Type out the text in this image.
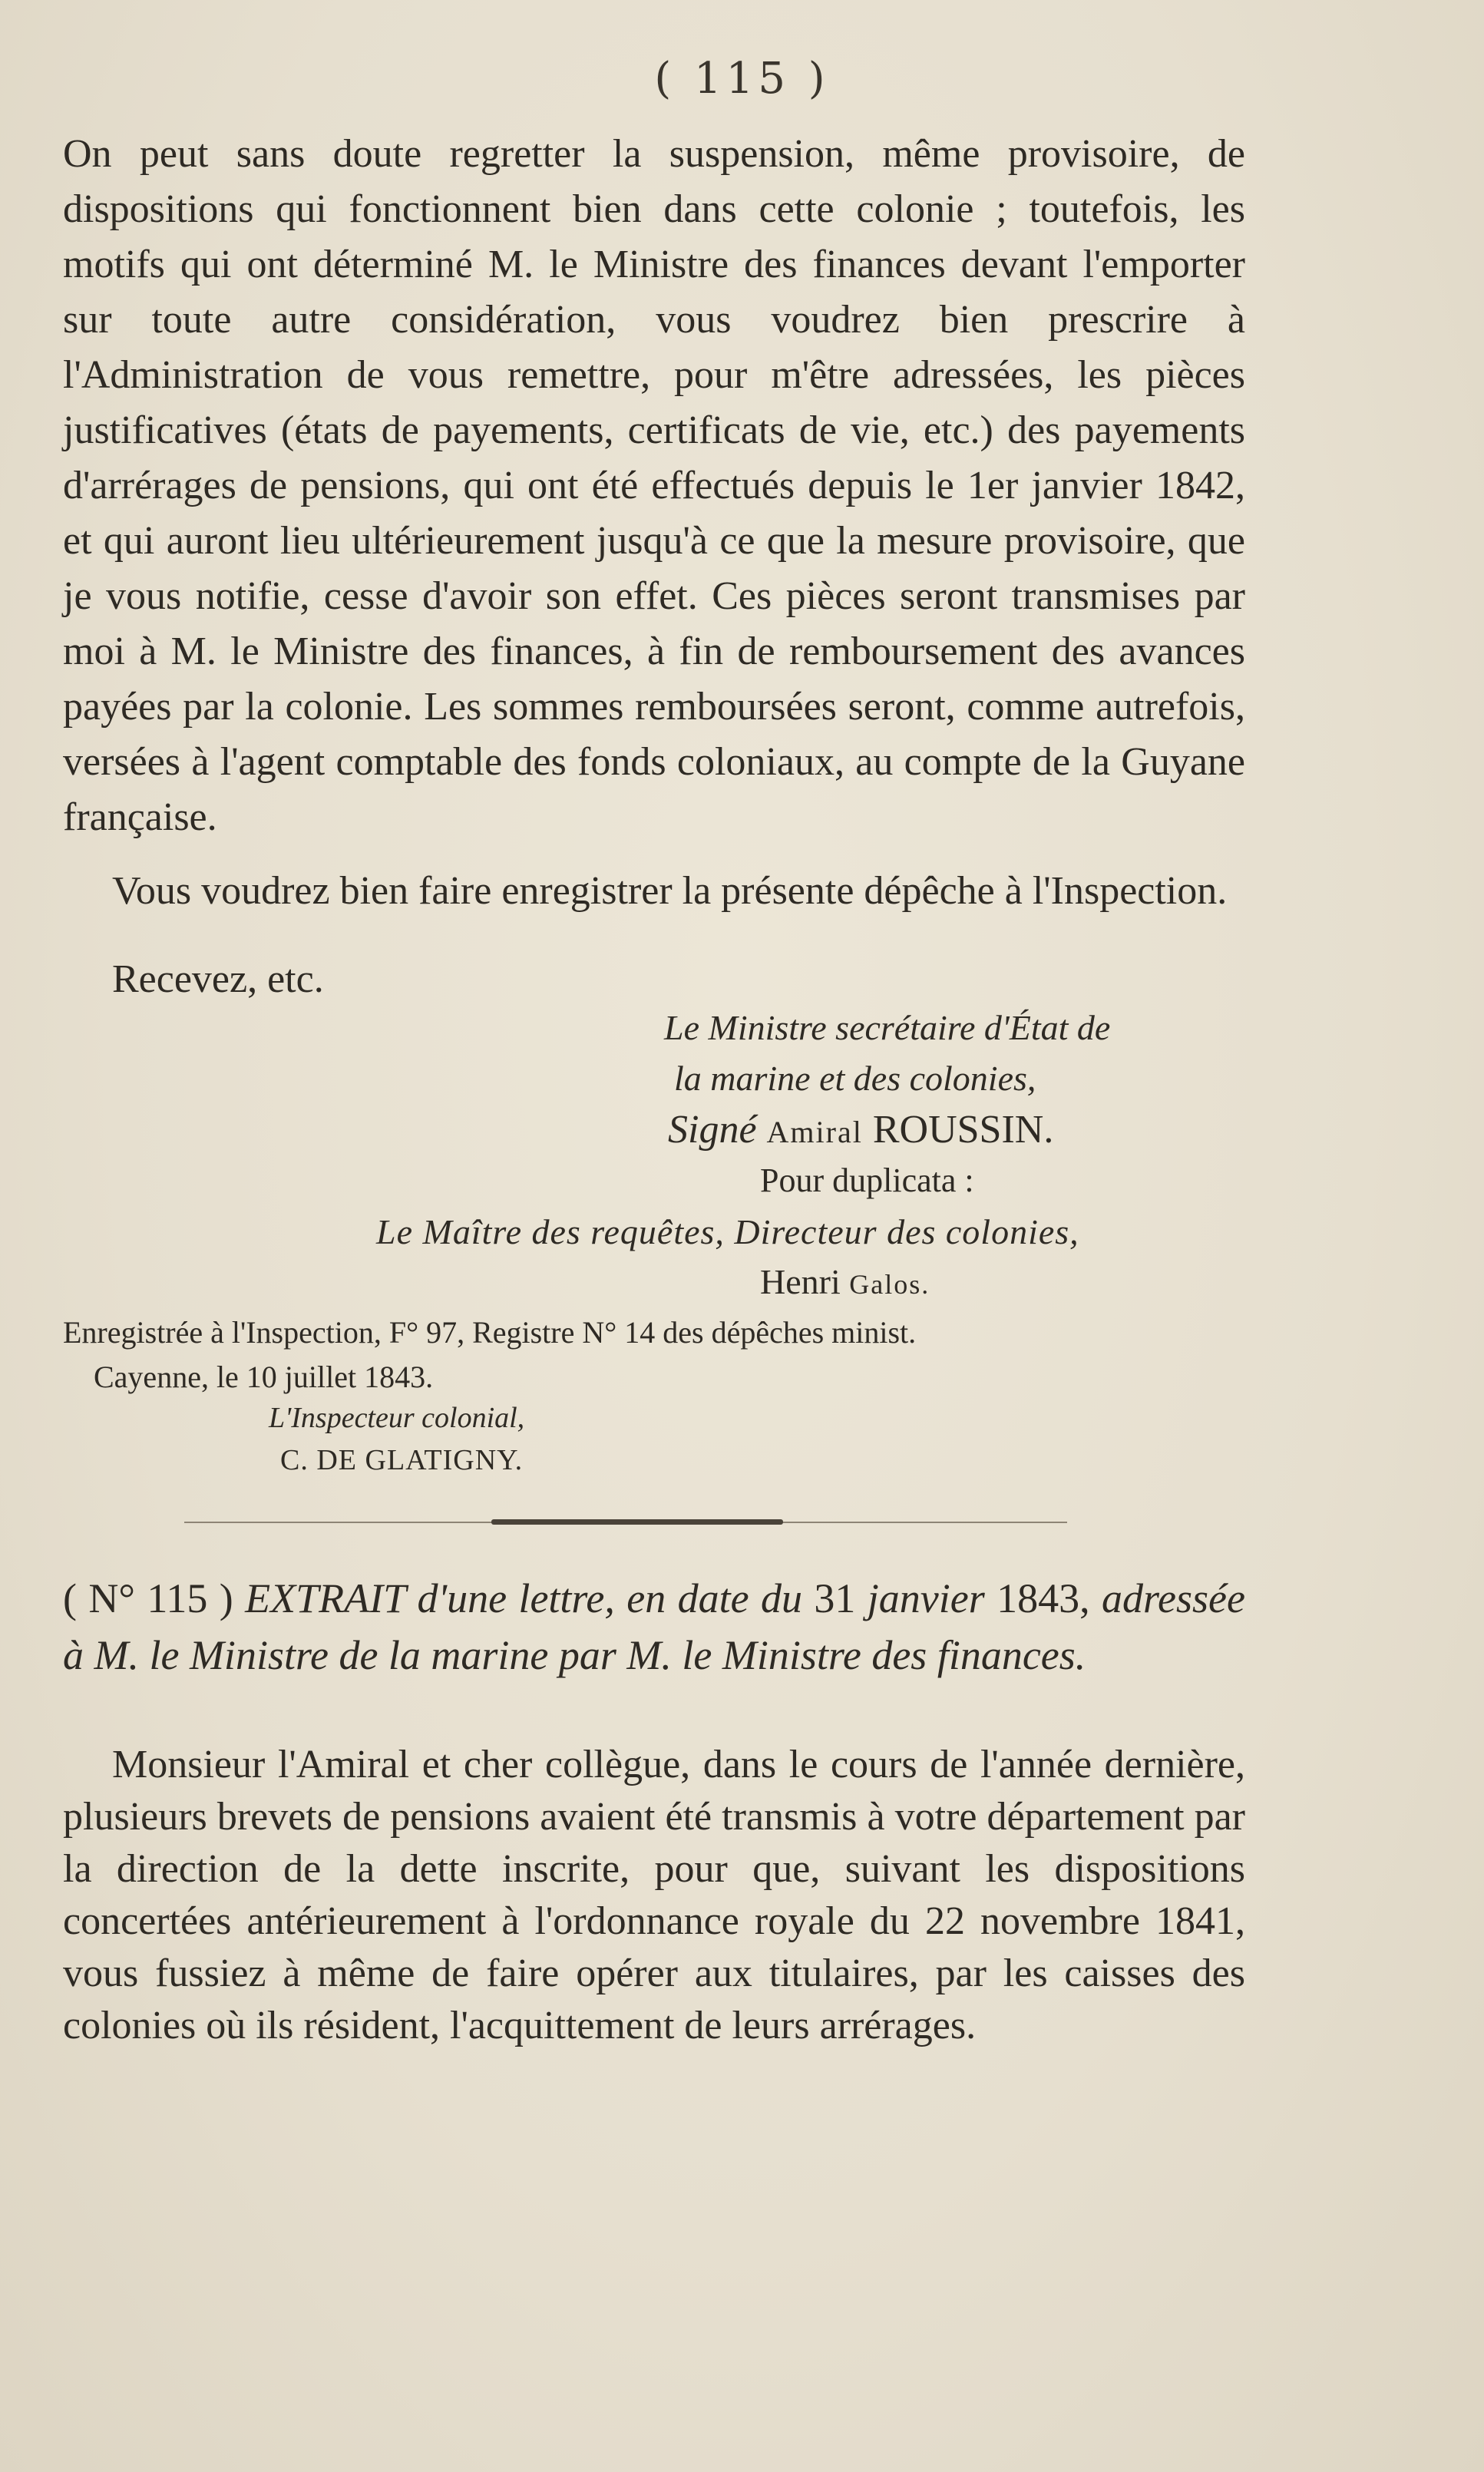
( 115 )

On peut sans doute regretter la suspension, même provisoire, de dispositions qui fonctionnent bien dans cette colonie ; toutefois, les motifs qui ont déterminé M. le Ministre des finances devant l'emporter sur toute autre considération, vous voudrez bien prescrire à l'Administration de vous remettre, pour m'être adressées, les pièces justificatives (états de payements, certificats de vie, etc.) des payements d'arrérages de pensions, qui ont été effectués depuis le 1er janvier 1842, et qui auront lieu ultérieurement jusqu'à ce que la mesure provisoire, que je vous notifie, cesse d'avoir son effet. Ces pièces seront transmises par moi à M. le Ministre des finances, à fin de remboursement des avances payées par la colonie. Les sommes remboursées seront, comme autrefois, versées à l'agent comptable des fonds coloniaux, au compte de la Guyane française.

Vous voudrez bien faire enregistrer la présente dépêche à l'Inspection.

Recevez, etc.

Le Ministre secrétaire d'État de
la marine et des colonies,
Signé Amiral ROUSSIN.
Pour duplicata :
Le Maître des requêtes, Directeur des colonies,
Henri Galos.
Enregistrée à l'Inspection, F° 97, Registre N° 14 des dépêches minist.
Cayenne, le 10 juillet 1843.
L'Inspecteur colonial,
C. DE GLATIGNY.
( N° 115 ) EXTRAIT d'une lettre, en date du 31 janvier 1843, adressée à M. le Ministre de la marine par M. le Ministre des finances.

Monsieur l'Amiral et cher collègue, dans le cours de l'année dernière, plusieurs brevets de pensions avaient été transmis à votre département par la direction de la dette inscrite, pour que, suivant les dispositions concertées antérieurement à l'ordonnance royale du 22 novembre 1841, vous fussiez à même de faire opérer aux titulaires, par les caisses des colonies où ils résident, l'acquittement de leurs arrérages.
